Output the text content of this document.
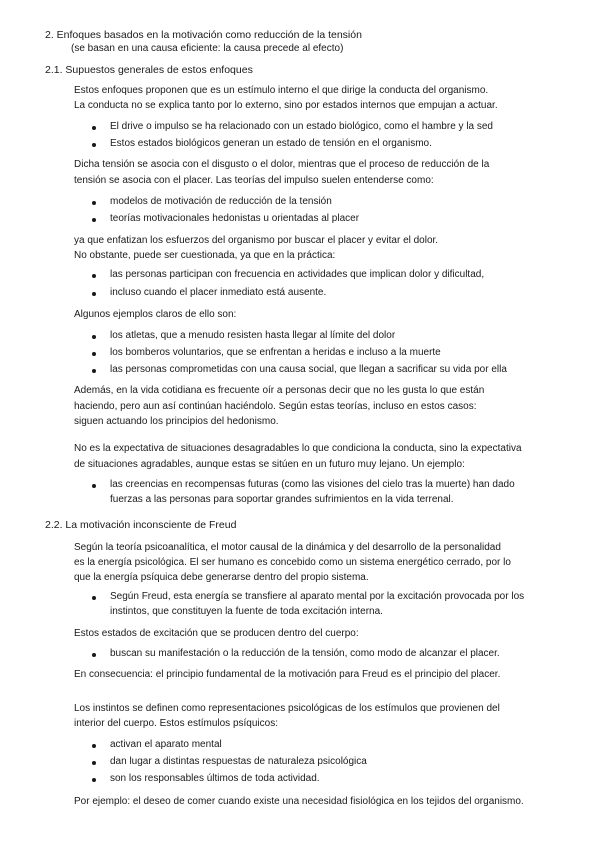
2. Enfoques basados en la motivación como reducción de la tensión
(se basan en una causa eficiente: la causa precede al efecto)
2.1. Supuestos generales de estos enfoques
Estos enfoques proponen que es un estímulo interno el que dirige la conducta del organismo.
La conducta no se explica tanto por lo externo, sino por estados internos que empujan a actuar.
El drive o impulso se ha relacionado con un estado biológico, como el hambre y la sed
Estos estados biológicos generan un estado de tensión en el organismo.
Dicha tensión se asocia con el disgusto o el dolor, mientras que el proceso de reducción de la
tensión se asocia con el placer. Las teorías del impulso suelen entenderse como:
modelos de motivación de reducción de la tensión
teorías motivacionales hedonistas u orientadas al placer
ya que enfatizan los esfuerzos del organismo por buscar el placer y evitar el dolor.
No obstante, puede ser cuestionada, ya que en la práctica:
las personas participan con frecuencia en actividades que implican dolor y dificultad,
incluso cuando el placer inmediato está ausente.
Algunos ejemplos claros de ello son:
los atletas, que a menudo resisten hasta llegar al límite del dolor
los bomberos voluntarios, que se enfrentan a heridas e incluso a la muerte
las personas comprometidas con una causa social, que llegan a sacrificar su vida por ella
Además, en la vida cotidiana es frecuente oír a personas decir que no les gusta lo que están
haciendo, pero aun así continúan haciéndolo. Según estas teorías, incluso en estos casos:
siguen actuando los principios del hedonismo.
No es la expectativa de situaciones desagradables lo que condiciona la conducta, sino la expectativa
de situaciones agradables, aunque estas se sitúen en un futuro muy lejano. Un ejemplo:
las creencias en recompensas futuras (como las visiones del cielo tras la muerte) han dado
fuerzas a las personas para soportar grandes sufrimientos en la vida terrenal.
2.2. La motivación inconsciente de Freud
Según la teoría psicoanalítica, el motor causal de la dinámica y del desarrollo de la personalidad
es la energía psicológica. El ser humano es concebido como un sistema energético cerrado, por lo
que la energía psíquica debe generarse dentro del propio sistema.
Según Freud, esta energía se transfiere al aparato mental por la excitación provocada por los
instintos, que constituyen la fuente de toda excitación interna.
Estos estados de excitación que se producen dentro del cuerpo:
buscan su manifestación o la reducción de la tensión, como modo de alcanzar el placer.
En consecuencia: el principio fundamental de la motivación para Freud es el principio del placer.
Los instintos se definen como representaciones psicológicas de los estímulos que provienen del
interior del cuerpo. Estos estímulos psíquicos:
activan el aparato mental
dan lugar a distintas respuestas de naturaleza psicológica
son los responsables últimos de toda actividad.
Por ejemplo: el deseo de comer cuando existe una necesidad fisiológica en los tejidos del organismo.
